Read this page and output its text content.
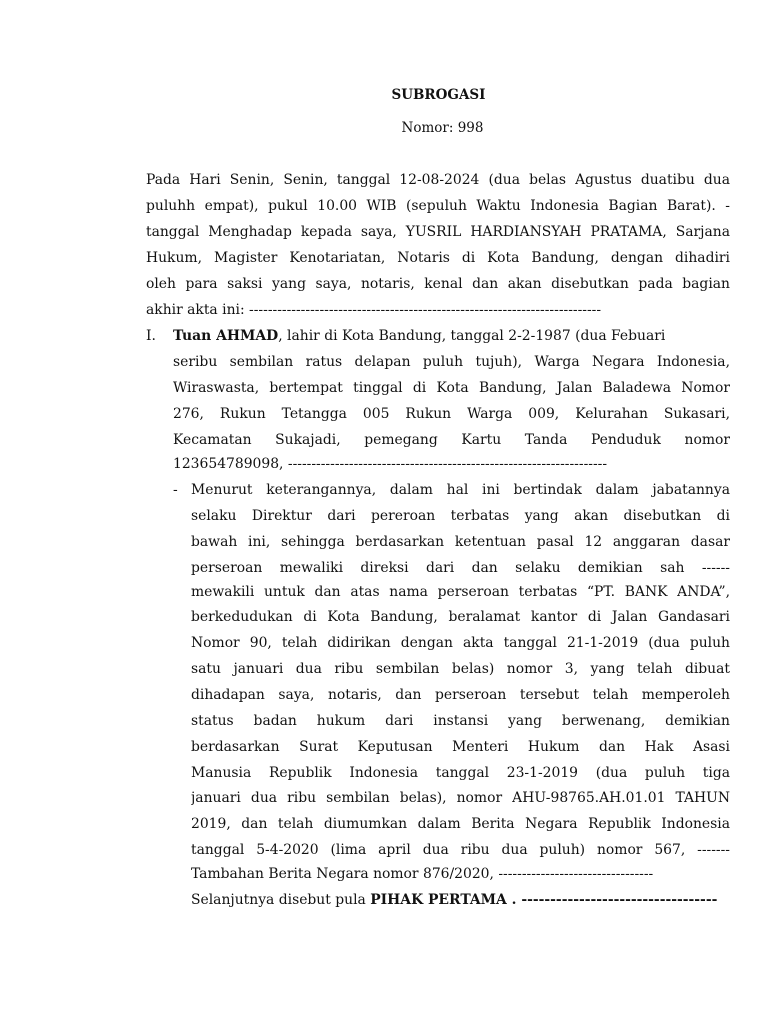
SUBROGASI
Nomor: 998
Pada Hari Senin, Senin, tanggal 12-08-2024 (dua belas Agustus duatibu dua
puluhh empat), pukul 10.00 WIB (sepuluh Waktu Indonesia Bagian Barat). -
tanggal Menghadap kepada saya, YUSRIL HARDIANSYAH PRATAMA, Sarjana
Hukum, Magister Kenotariatan, Notaris di Kota Bandung, dengan dihadiri
oleh para saksi yang saya, notaris, kenal dan akan disebutkan pada bagian
akhir akta ini: ---------------------------------------------------------------------------
I.	Tuan AHMAD, lahir di Kota Bandung, tanggal 2-2-1987 (dua Febuari
seribu sembilan ratus delapan puluh tujuh), Warga Negara Indonesia,
Wiraswasta, bertempat tinggal di Kota Bandung, Jalan Baladewa Nomor
276, Rukun Tetangga 005 Rukun Warga 009, Kelurahan Sukasari,
Kecamatan Sukajadi, pemegang Kartu Tanda Penduduk nomor
123654789098, --------------------------------------------------------------------
- Menurut keterangannya, dalam hal ini bertindak dalam jabatannya
selaku Direktur dari pereroan terbatas yang akan disebutkan di
bawah ini, sehingga berdasarkan ketentuan pasal 12 anggaran dasar
perseroan mewaliki direksi dari dan selaku demikian sah ------
mewakili untuk dan atas nama perseroan terbatas “PT. BANK ANDA”,
berkedudukan di Kota Bandung, beralamat kantor di Jalan Gandasari
Nomor 90, telah didirikan dengan akta tanggal 21-1-2019 (dua puluh
satu januari dua ribu sembilan belas) nomor 3, yang telah dibuat
dihadapan saya, notaris, dan perseroan tersebut telah memperoleh
status badan hukum dari instansi yang berwenang, demikian
berdasarkan Surat Keputusan Menteri Hukum dan Hak Asasi
Manusia Republik Indonesia tanggal 23-1-2019 (dua puluh tiga
januari dua ribu sembilan belas), nomor AHU-98765.AH.01.01 TAHUN
2019, dan telah diumumkan dalam Berita Negara Republik Indonesia
tanggal 5-4-2020 (lima april dua ribu dua puluh) nomor 567, -------
Tambahan Berita Negara nomor 876/2020, ---------------------------------
Selanjutnya disebut pula PIHAK PERTAMA . ----------------------------------
